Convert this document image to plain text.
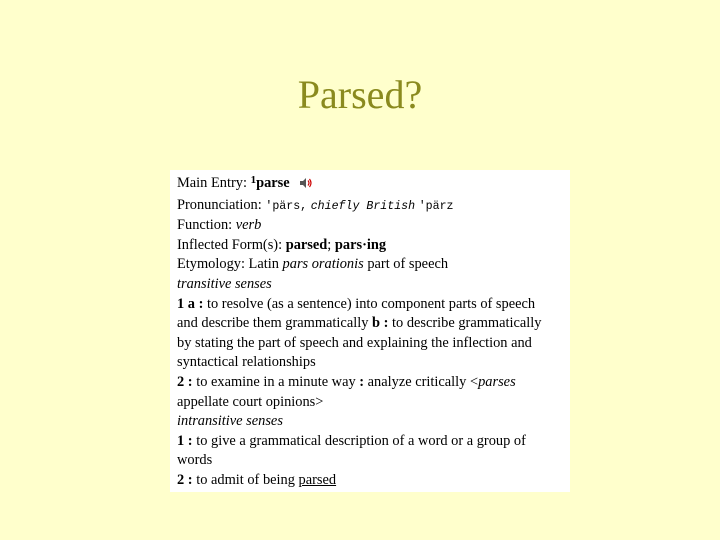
Parsed?
Main Entry: $^1$parse
Pronunciation: 'pärs, chiefly British 'pärz
Function: verb
Inflected Form(s): parsed; pars·ing
Etymology: Latin pars orationis part of speech
transitive senses
1 a : to resolve (as a sentence) into component parts of speech
and describe them grammatically b : to describe grammatically
by stating the part of speech and explaining the inflection and
syntactical relationships
2 : to examine in a minute way : analyze critically <parses
appellate court opinions>
intransitive senses
1 : to give a grammatical description of a word or a group of
words
2 : to admit of being parsed
